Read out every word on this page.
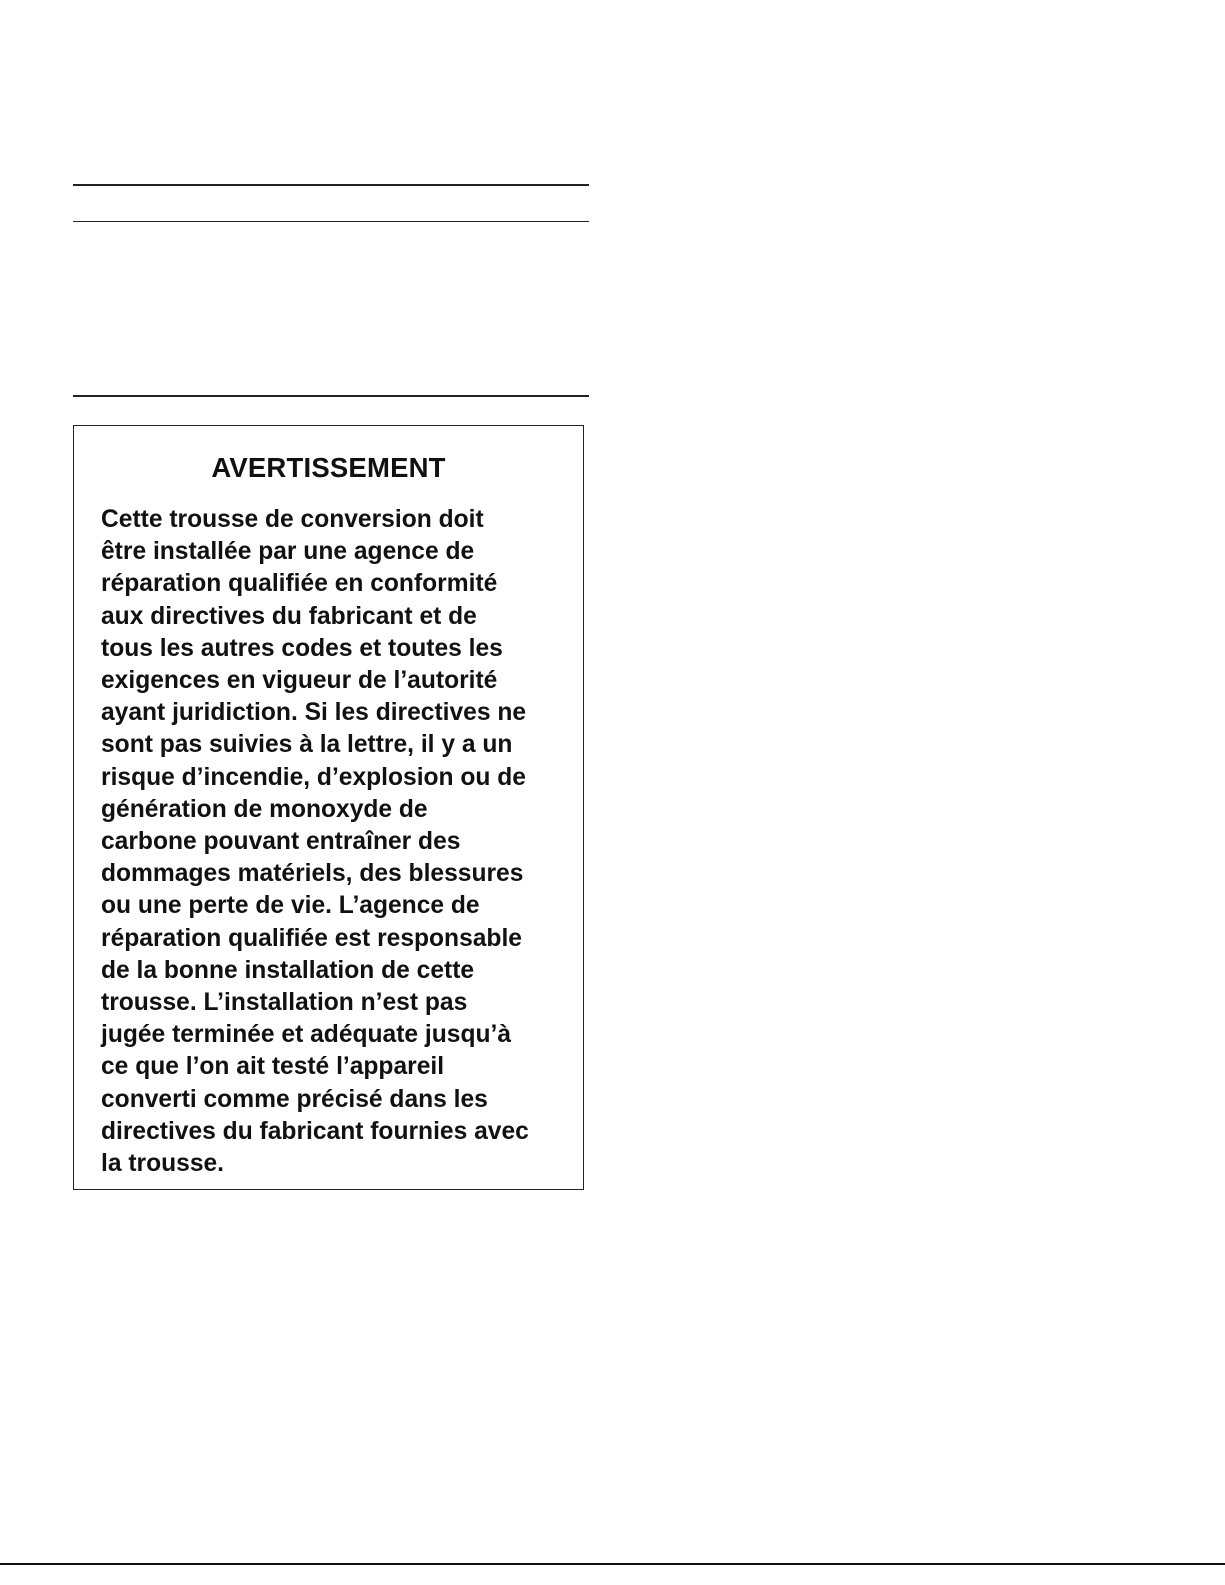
AVERTISSEMENT

Cette trousse de conversion doit
être installée par une agence de
réparation qualifiée en conformité
aux directives du fabricant et de
tous les autres codes et toutes les
exigences en vigueur de l’autorité
ayant juridiction. Si les directives ne
sont pas suivies à la lettre, il y a un
risque d’incendie, d’explosion ou de
génération de monoxyde de
carbone pouvant entraîner des
dommages matériels, des blessures
ou une perte de vie. L’agence de
réparation qualifiée est responsable
de la bonne installation de cette
trousse. L’installation n’est pas
jugée terminée et adéquate jusqu’à
ce que l’on ait testé l’appareil
converti comme précisé dans les
directives du fabricant fournies avec
la trousse.
